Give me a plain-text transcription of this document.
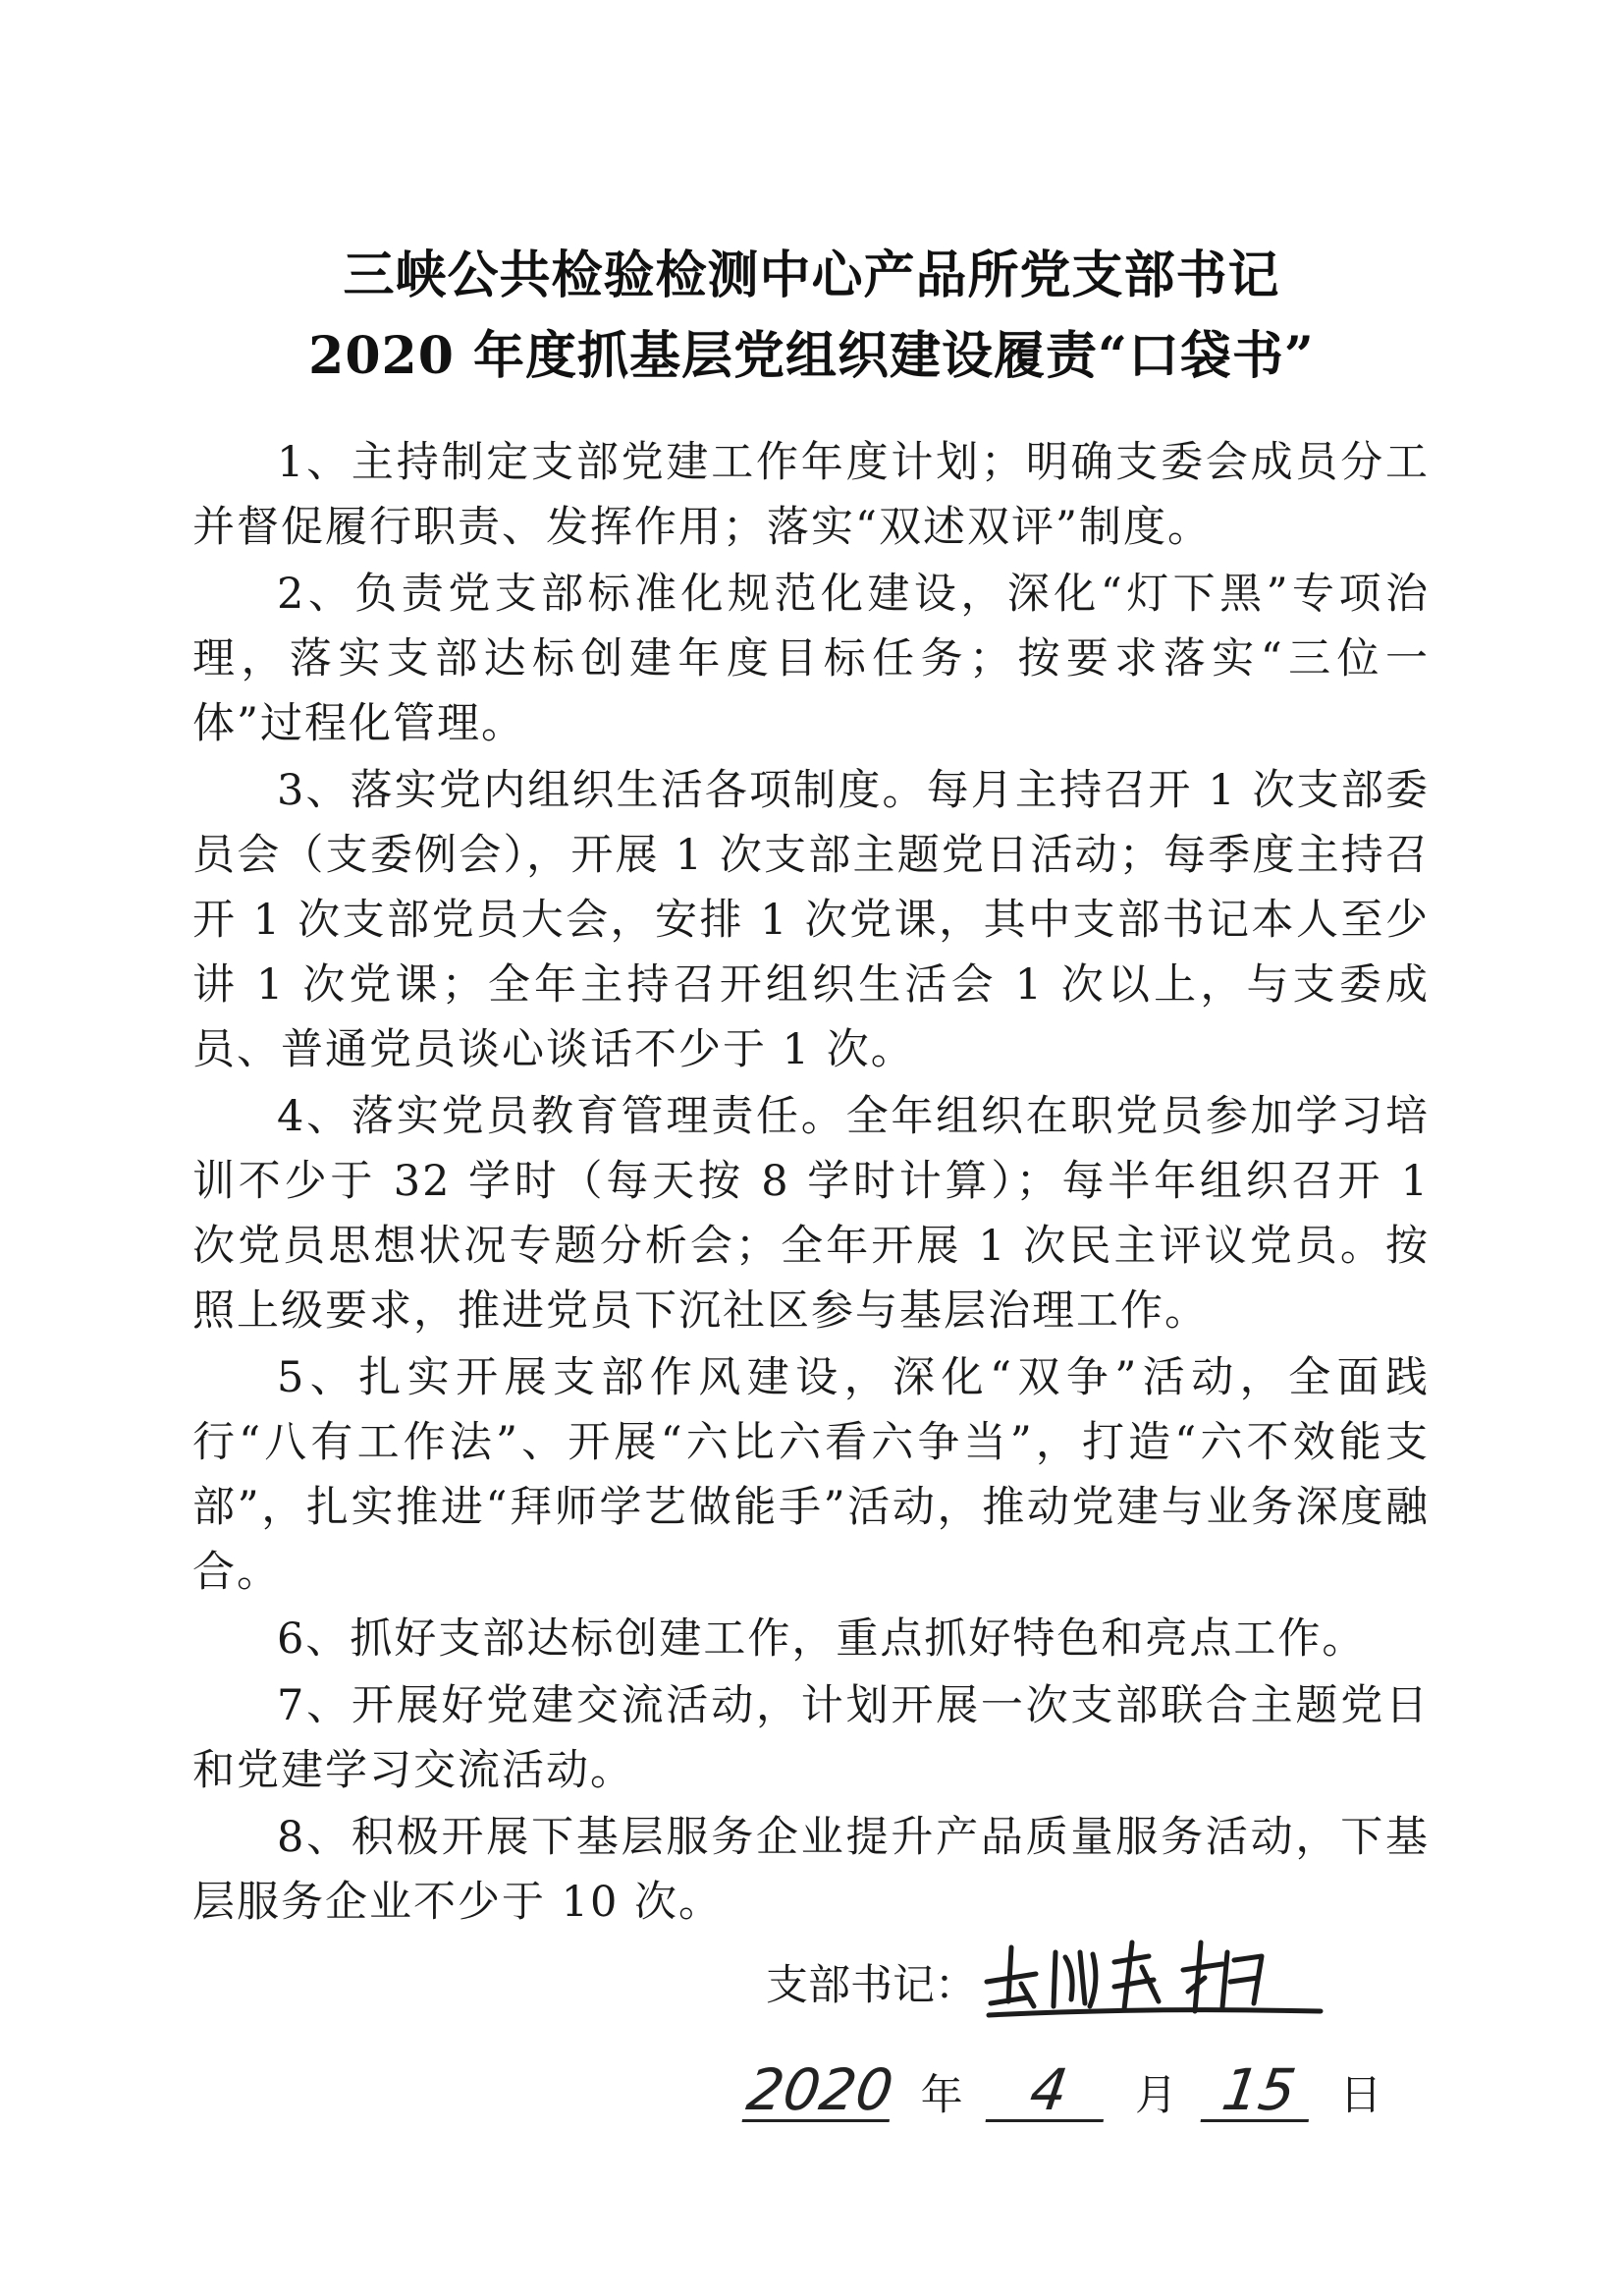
三峡公共检验检测中心产品所党支部书记
2020 年度抓基层党组织建设履责“口袋书”

1、主持制定支部党建工作年度计划；明确支委会成员分工并督促履行职责、发挥作用；落实“双述双评”制度。

2、负责党支部标准化规范化建设，深化“灯下黑”专项治理，落实支部达标创建年度目标任务；按要求落实“三位一体”过程化管理。

3、落实党内组织生活各项制度。每月主持召开 1 次支部委员会（支委例会），开展 1 次支部主题党日活动；每季度主持召开 1 次支部党员大会，安排 1 次党课，其中支部书记本人至少讲 1 次党课；全年主持召开组织生活会 1 次以上，与支委成员、普通党员谈心谈话不少于 1 次。

4、落实党员教育管理责任。全年组织在职党员参加学习培训不少于 32 学时（每天按 8 学时计算）；每半年组织召开 1 次党员思想状况专题分析会；全年开展 1 次民主评议党员。按照上级要求，推进党员下沉社区参与基层治理工作。

5、扎实开展支部作风建设，深化“双争”活动，全面践行“八有工作法”、开展“六比六看六争当”，打造“六不效能支部”，扎实推进“拜师学艺做能手”活动，推动党建与业务深度融合。

6、抓好支部达标创建工作，重点抓好特色和亮点工作。

7、开展好党建交流活动，计划开展一次支部联合主题党日和党建学习交流活动。

8、积极开展下基层服务企业提升产品质量服务活动，下基层服务企业不少于 10 次。

支部书记：
2020 年 4 月 15 日
